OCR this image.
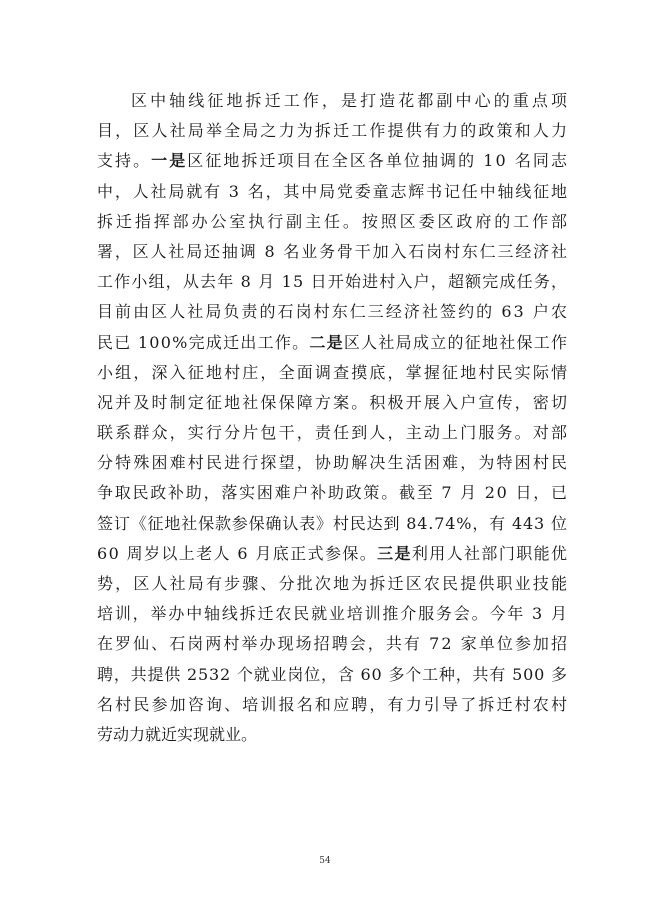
区中轴线征地拆迁工作，是打造花都副中心的重点项
目，区人社局举全局之力为拆迁工作提供有力的政策和人力
支持。一是区征地拆迁项目在全区各单位抽调的 10 名同志
中，人社局就有 3 名，其中局党委童志辉书记任中轴线征地
拆迁指挥部办公室执行副主任。按照区委区政府的工作部
署，区人社局还抽调 8 名业务骨干加入石岗村东仁三经济社
工作小组，从去年 8 月 15 日开始进村入户，超额完成任务，
目前由区人社局负责的石岗村东仁三经济社签约的 63 户农
民已 100%完成迁出工作。二是区人社局成立的征地社保工作
小组，深入征地村庄，全面调查摸底，掌握征地村民实际情
况并及时制定征地社保保障方案。积极开展入户宣传，密切
联系群众，实行分片包干，责任到人，主动上门服务。对部
分特殊困难村民进行探望，协助解决生活困难，为特困村民
争取民政补助，落实困难户补助政策。截至 7 月 20 日，已
签订《征地社保款参保确认表》村民达到 84.74%，有 443 位
60 周岁以上老人 6 月底正式参保。三是利用人社部门职能优
势，区人社局有步骤、分批次地为拆迁区农民提供职业技能
培训，举办中轴线拆迁农民就业培训推介服务会。今年 3 月
在罗仙、石岗两村举办现场招聘会，共有 72 家单位参加招
聘，共提供 2532 个就业岗位，含 60 多个工种，共有 500 多
名村民参加咨询、培训报名和应聘，有力引导了拆迁村农村
劳动力就近实现就业。
54
